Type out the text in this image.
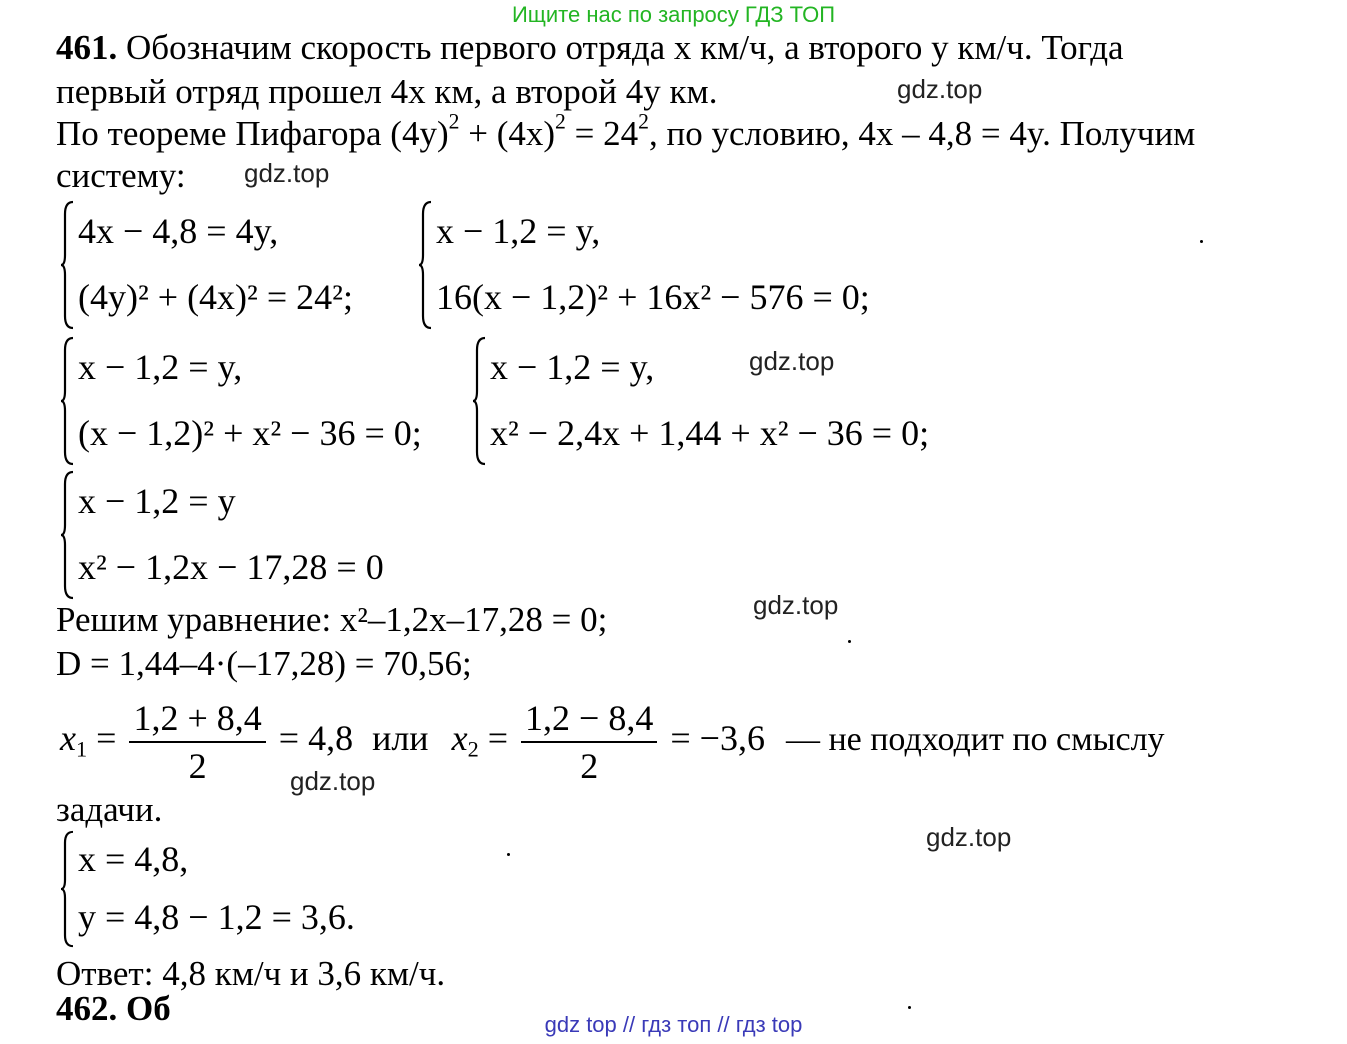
Ищите нас по запросу ГДЗ ТОП
gdz.top
gdz.top
gdz.top
gdz.top
gdz.top
gdz.top
gdz top // гдз топ // гдз top
461. Обозначим скорость первого отряда x км/ч, а второго y км/ч. Тогда
первый отряд прошел 4x км, а второй 4y км.
По теореме Пифагора $(4y)^2 + (4x)^2 = 24^2$, по условию, 4x – 4,8 = 4y. Получим
систему:
4x − 4,8 = 4y,
(4y)² + (4x)² = 24²;
x − 1,2 = y,
16(x − 1,2)² + 16x² − 576 = 0;
x − 1,2 = y,
(x − 1,2)² + x² − 36 = 0;
x − 1,2 = y,
x² − 2,4x + 1,44 + x² − 36 = 0;
x − 1,2 = y
x² − 1,2x − 17,28 = 0
Решим уравнение: x²–1,2x–17,28 = 0;
D = 1,44–4·(–17,28) = 70,56;
$x_1 = \frac{1,2 + 8,4}{2} = 4,8$ или $x_2 = \frac{1,2 - 8,4}{2} = -3,6$ — не подходит по смыслу
задачи.
x = 4,8,
y = 4,8 − 1,2 = 3,6.
Ответ: 4,8 км/ч и 3,6 км/ч.
462. Об
